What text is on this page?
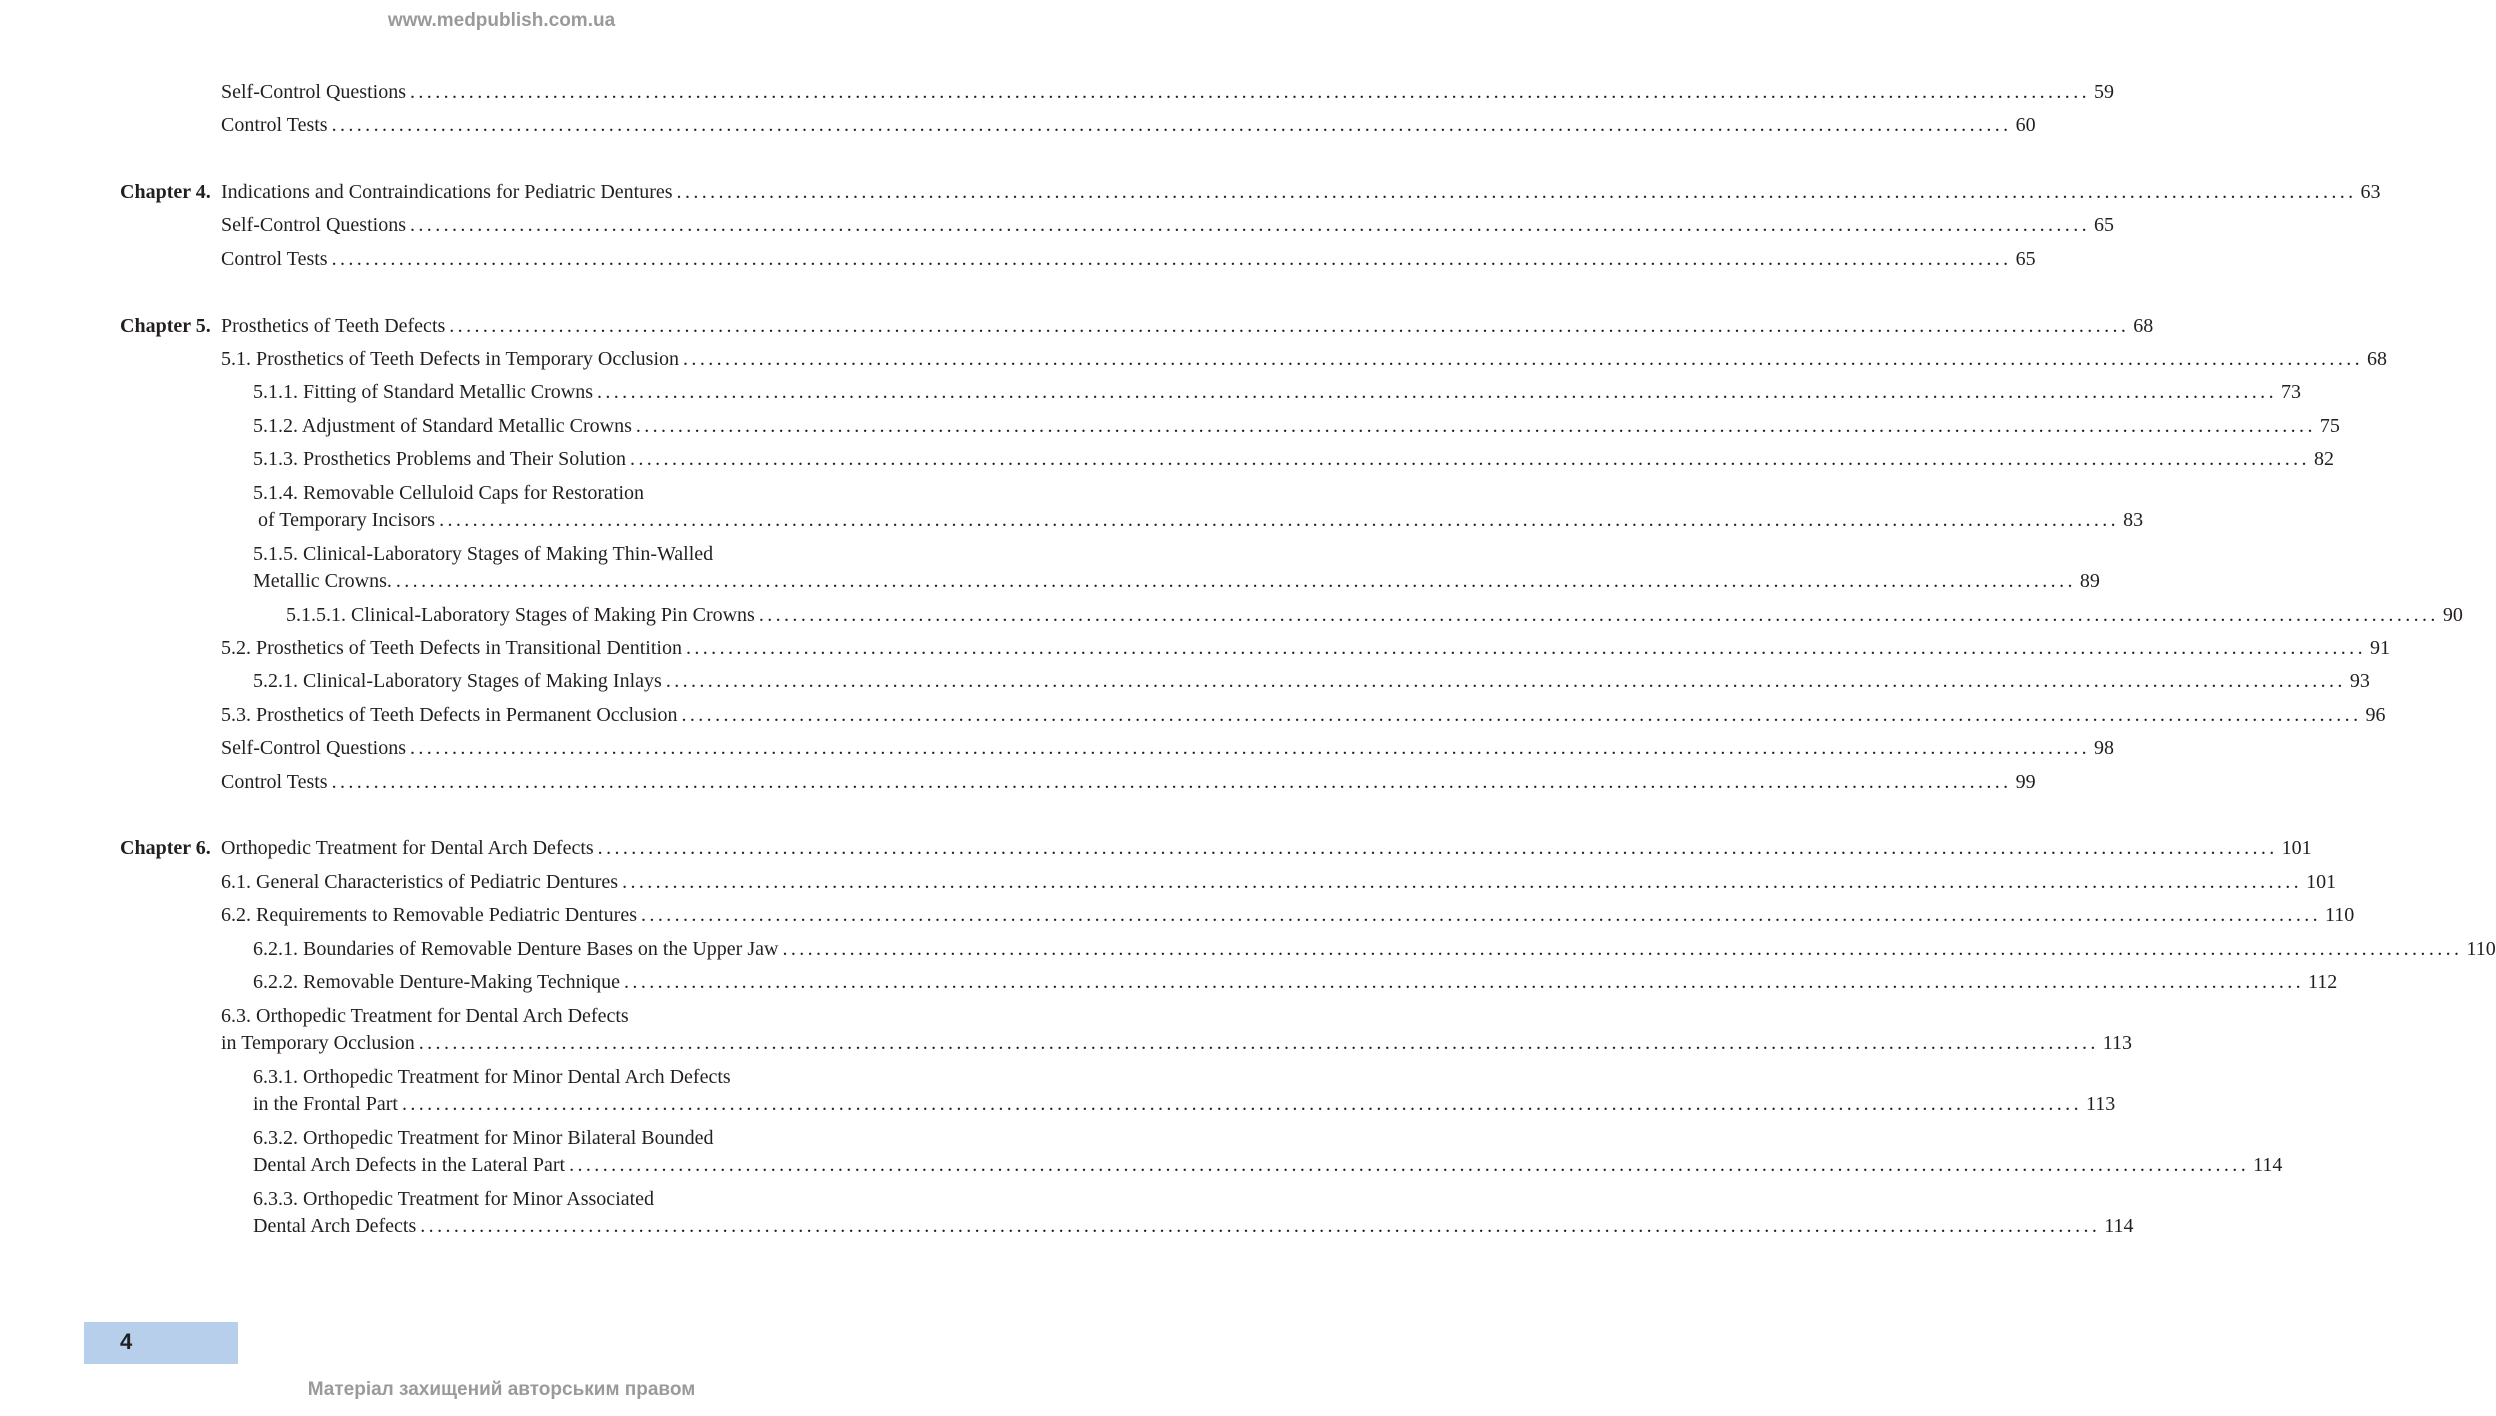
www.medpublish.com.ua
Self-Control Questions ........................................................................................................................................................................................................ 59
Control Tests ........................................................................................................................................................................................................ 60
Chapter 4. Indications and Contraindications for Pediatric Dentures ........................................................................................................................................................................................................ 63
Self-Control Questions ........................................................................................................................................................................................................ 65
Control Tests ........................................................................................................................................................................................................ 65
Chapter 5. Prosthetics of Teeth Defects ........................................................................................................................................................................................................ 68
5.1. Prosthetics of Teeth Defects in Temporary Occlusion ........................................................................................................................................................................................................ 68
5.1.1. Fitting of Standard Metallic Crowns ........................................................................................................................................................................................................ 73
5.1.2. Adjustment of Standard Metallic Crowns ........................................................................................................................................................................................................ 75
5.1.3. Prosthetics Problems and Their Solution ........................................................................................................................................................................................................ 82
5.1.4. Removable Celluloid Caps for Restoration
of Temporary Incisors ........................................................................................................................................................................................................ 83
5.1.5. Clinical-Laboratory Stages of Making Thin-Walled
Metallic Crowns. ........................................................................................................................................................................................................ 89
5.1.5.1. Clinical-Laboratory Stages of Making Pin Crowns ........................................................................................................................................................................................................ 90
5.2. Prosthetics of Teeth Defects in Transitional Dentition ........................................................................................................................................................................................................ 91
5.2.1. Clinical-Laboratory Stages of Making Inlays ........................................................................................................................................................................................................ 93
5.3. Prosthetics of Teeth Defects in Permanent Occlusion ........................................................................................................................................................................................................ 96
Self-Control Questions ........................................................................................................................................................................................................ 98
Control Tests ........................................................................................................................................................................................................ 99
Chapter 6. Orthopedic Treatment for Dental Arch Defects ........................................................................................................................................................................................................ 101
6.1. General Characteristics of Pediatric Dentures ........................................................................................................................................................................................................ 101
6.2. Requirements to Removable Pediatric Dentures ........................................................................................................................................................................................................ 110
6.2.1. Boundaries of Removable Denture Bases on the Upper Jaw ........................................................................................................................................................................................................ 110
6.2.2. Removable Denture-Making Technique ........................................................................................................................................................................................................ 112
6.3. Orthopedic Treatment for Dental Arch Defects
in Temporary Occlusion ........................................................................................................................................................................................................ 113
6.3.1. Orthopedic Treatment for Minor Dental Arch Defects
in the Frontal Part ........................................................................................................................................................................................................ 113
6.3.2. Orthopedic Treatment for Minor Bilateral Bounded
Dental Arch Defects in the Lateral Part ........................................................................................................................................................................................................ 114
6.3.3. Orthopedic Treatment for Minor Associated
Dental Arch Defects ........................................................................................................................................................................................................ 114
4
Матеріал захищений авторським правом
